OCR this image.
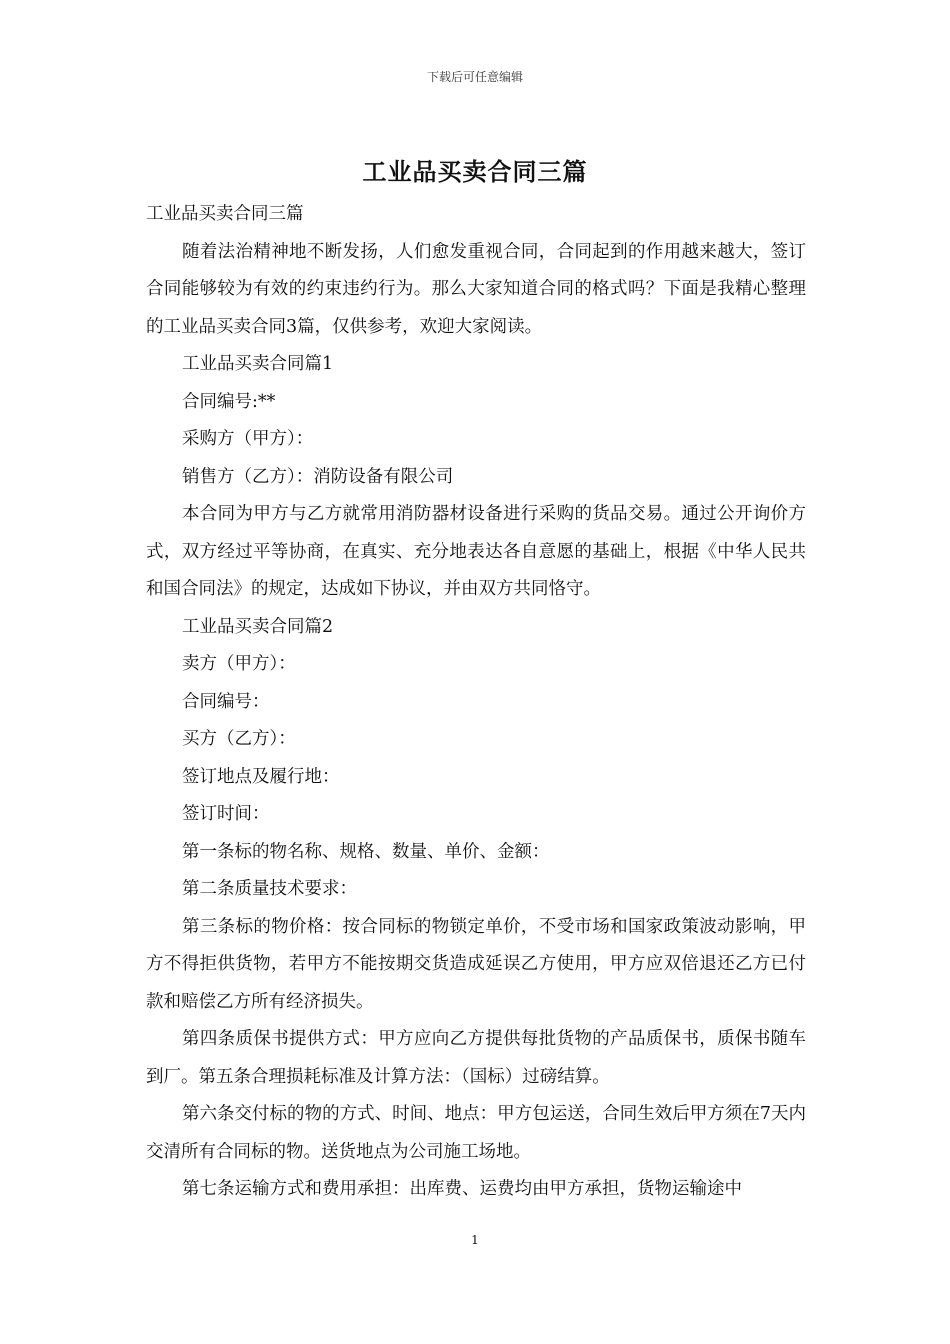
下载后可任意编辑
工业品买卖合同三篇

工业品买卖合同三篇

随着法治精神地不断发扬，人们愈发重视合同，合同起到的作用越来越大，签订合同能够较为有效的约束违约行为。那么大家知道合同的格式吗？下面是我精心整理的工业品买卖合同3篇，仅供参考，欢迎大家阅读。

工业品买卖合同篇1

合同编号:**

采购方（甲方）：

销售方（乙方）：消防设备有限公司

本合同为甲方与乙方就常用消防器材设备进行采购的货品交易。通过公开询价方式，双方经过平等协商，在真实、充分地表达各自意愿的基础上，根据《中华人民共和国合同法》的规定，达成如下协议，并由双方共同恪守。

工业品买卖合同篇2

卖方（甲方）：

合同编号：

买方（乙方）：

签订地点及履行地：

签订时间：

第一条标的物名称、规格、数量、单价、金额：

第二条质量技术要求：

第三条标的物价格：按合同标的物锁定单价，不受市场和国家政策波动影响，甲方不得拒供货物，若甲方不能按期交货造成延误乙方使用，甲方应双倍退还乙方已付款和赔偿乙方所有经济损失。

第四条质保书提供方式：甲方应向乙方提供每批货物的产品质保书，质保书随车到厂。第五条合理损耗标准及计算方法：（国标）过磅结算。

第六条交付标的物的方式、时间、地点：甲方包运送，合同生效后甲方须在7天内交清所有合同标的物。送货地点为公司施工场地。

第七条运输方式和费用承担：出库费、运费均由甲方承担，货物运输途中

1
